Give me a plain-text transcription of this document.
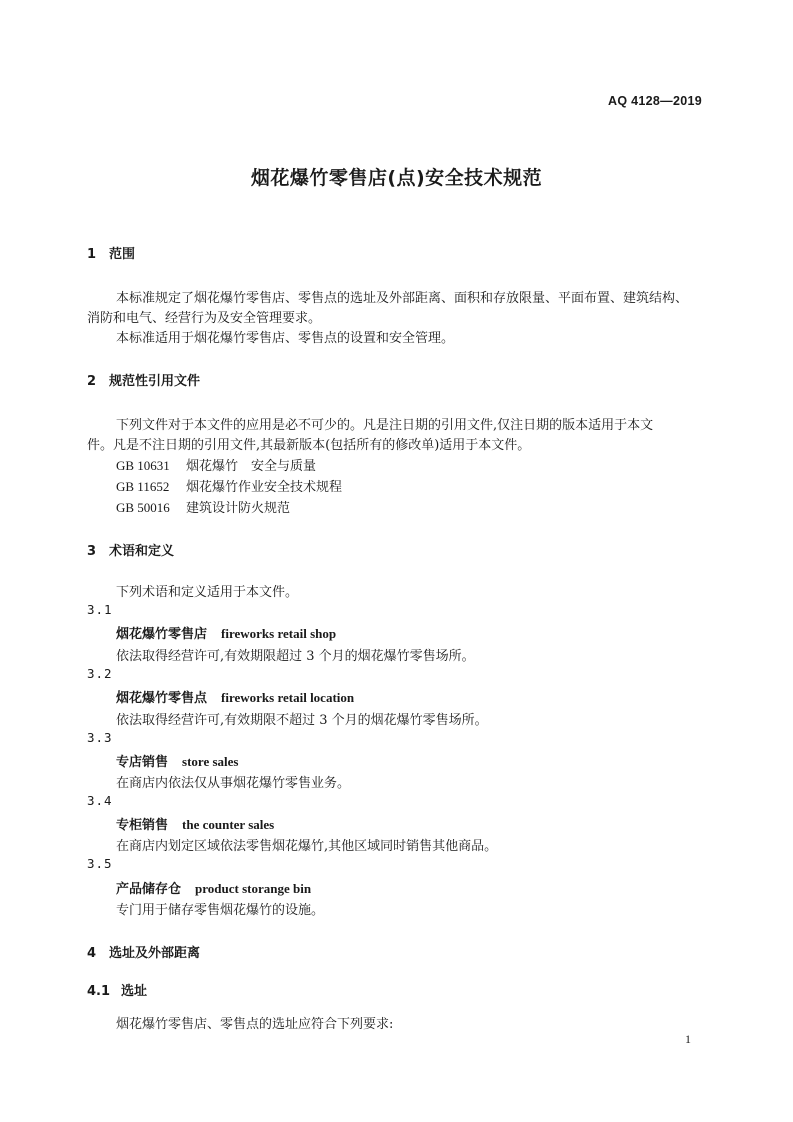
AQ 4128—2019
烟花爆竹零售店(点)安全技术规范
1 范围
本标准规定了烟花爆竹零售店、零售点的选址及外部距离、面积和存放限量、平面布置、建筑结构、
消防和电气、经营行为及安全管理要求。
本标准适用于烟花爆竹零售店、零售点的设置和安全管理。
2 规范性引用文件
下列文件对于本文件的应用是必不可少的。凡是注日期的引用文件,仅注日期的版本适用于本文
件。凡是不注日期的引用文件,其最新版本(包括所有的修改单)适用于本文件。
GB 10631 烟花爆竹　安全与质量
GB 11652 烟花爆竹作业安全技术规程
GB 50016 建筑设计防火规范
3 术语和定义
下列术语和定义适用于本文件。
3.1
烟花爆竹零售店 fireworks retail shop
依法取得经营许可,有效期限超过 3 个月的烟花爆竹零售场所。
3.2
烟花爆竹零售点 fireworks retail location
依法取得经营许可,有效期限不超过 3 个月的烟花爆竹零售场所。
3.3
专店销售 store sales
在商店内依法仅从事烟花爆竹零售业务。
3.4
专柜销售 the counter sales
在商店内划定区域依法零售烟花爆竹,其他区域同时销售其他商品。
3.5
产品储存仓 product storange bin
专门用于储存零售烟花爆竹的设施。
4 选址及外部距离
4.1 选址
烟花爆竹零售店、零售点的选址应符合下列要求:
1
